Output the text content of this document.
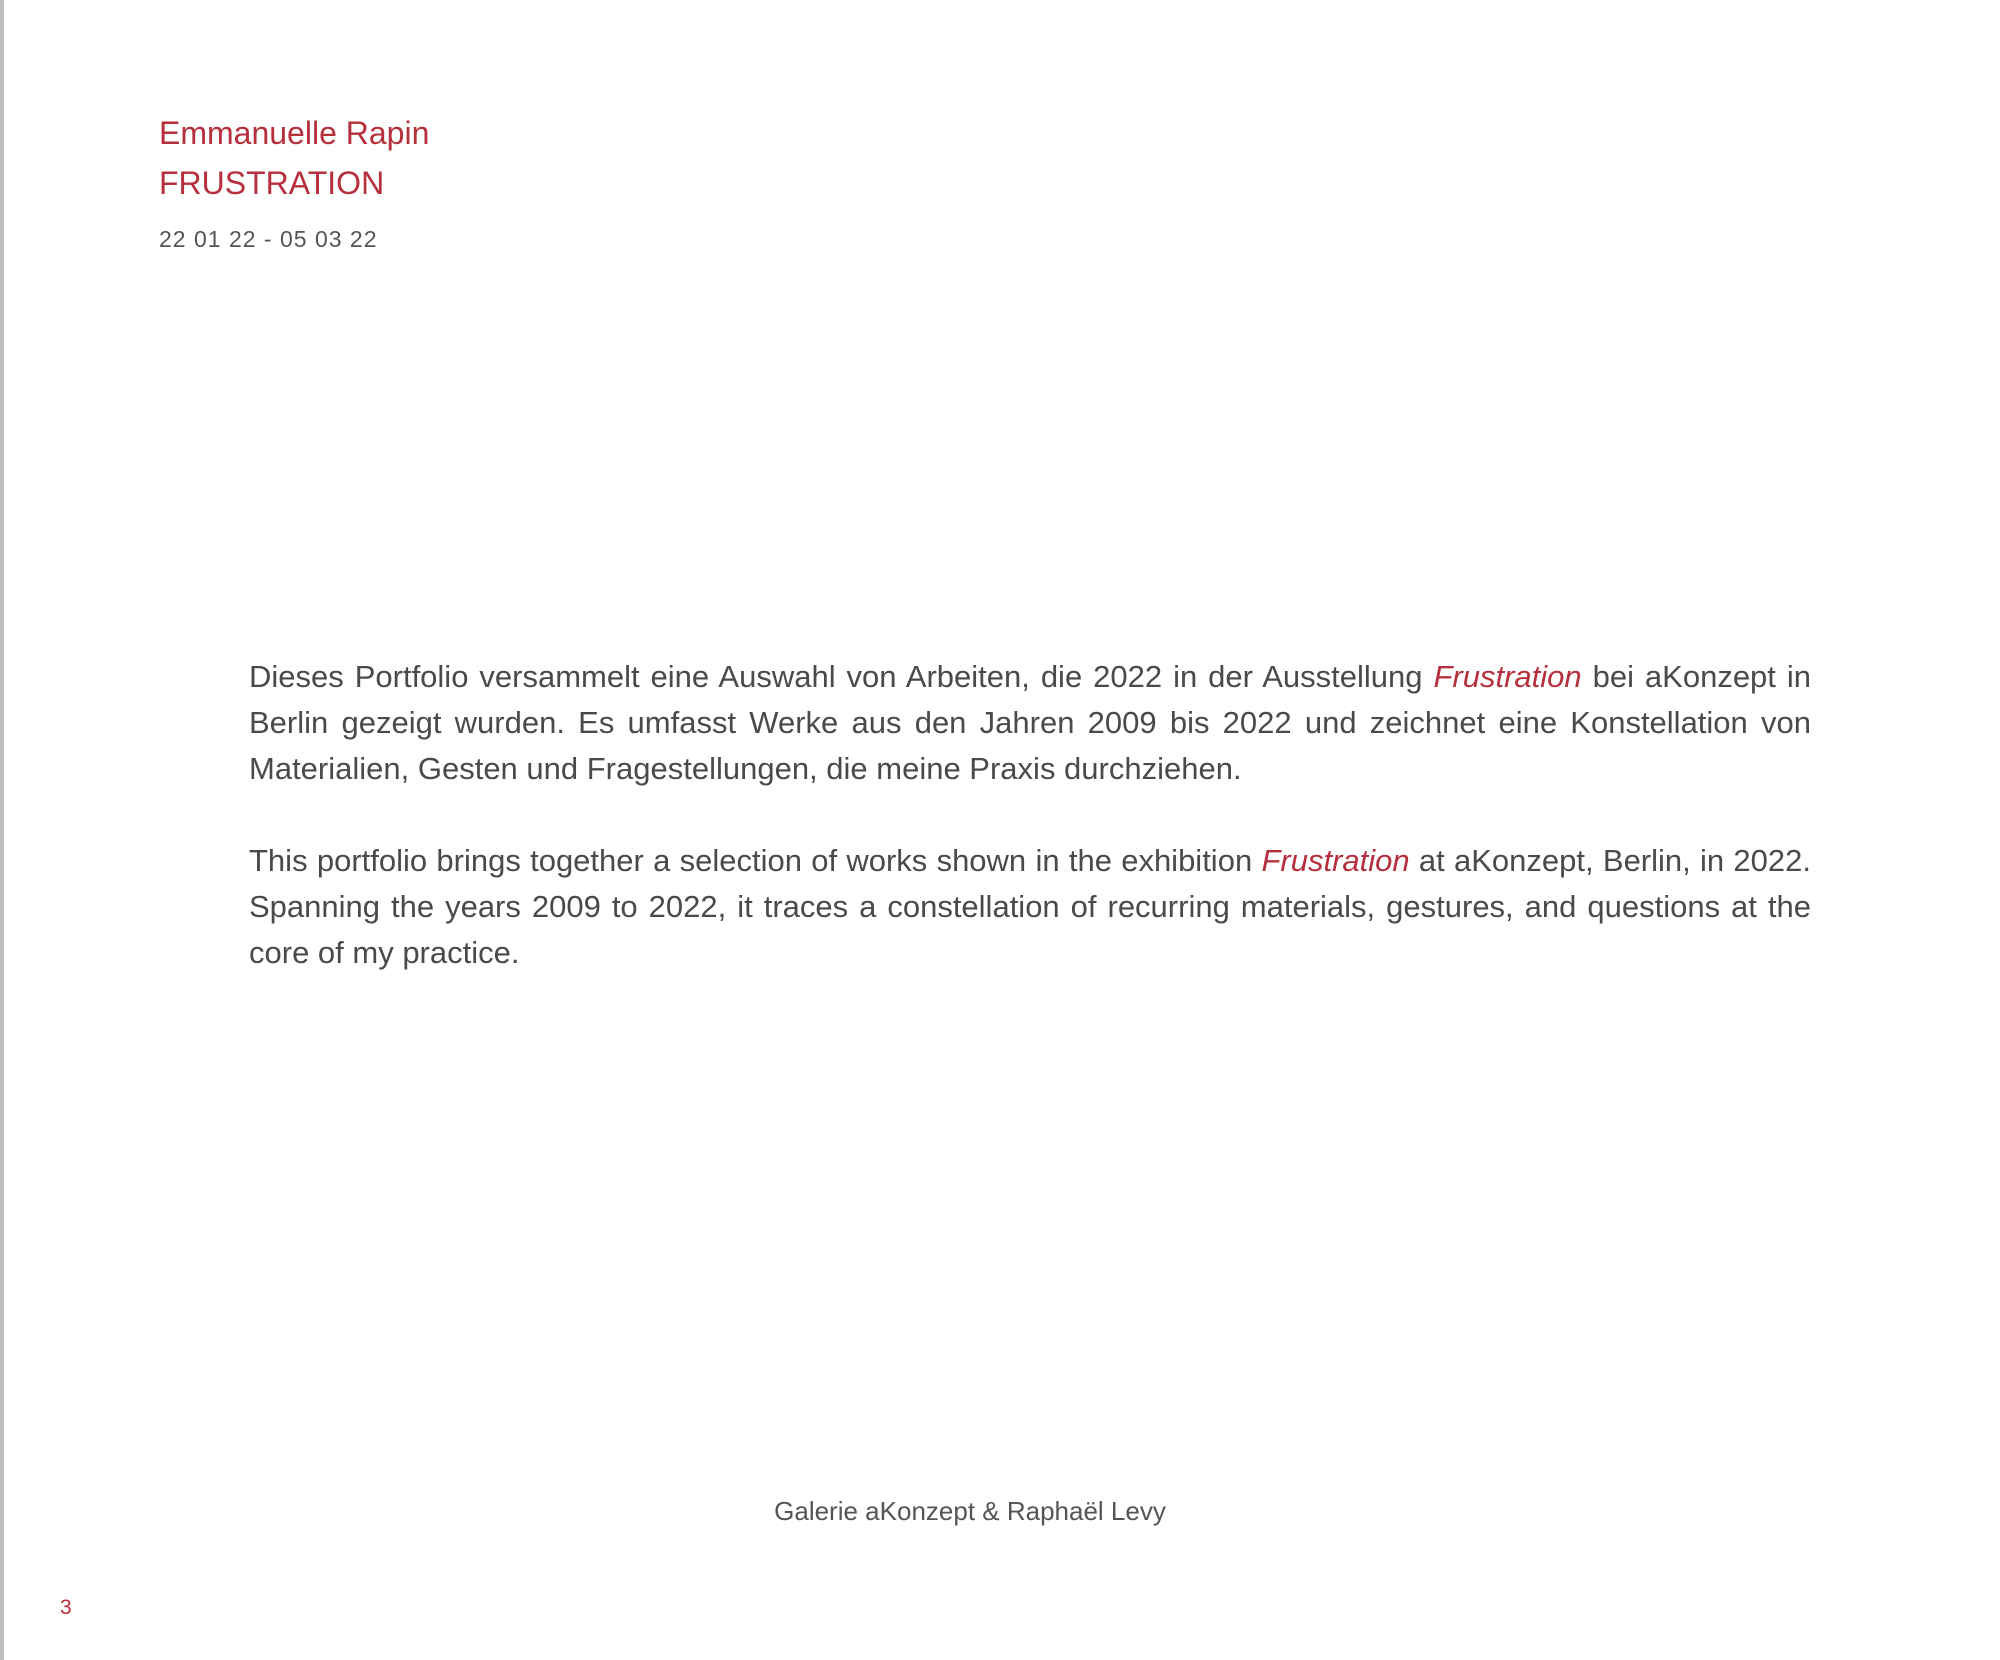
Emmanuelle Rapin
FRUSTRATION
22 01 22 - 05 03 22

Dieses Portfolio versammelt eine Auswahl von Arbeiten, die 2022 in der Ausstellung Frustration bei aKonzept in Berlin gezeigt wurden. Es umfasst Werke aus den Jahren 2009 bis 2022 und zeichnet eine Konstellation von Materialien, Gesten und Fragestellungen, die meine Praxis durchziehen.

This portfolio brings together a selection of works shown in the exhibition Frustration at aKonzept, Berlin, in 2022. Spanning the years 2009 to 2022, it traces a constellation of recurring materials, gestures, and questions at the core of my practice.

Galerie aKonzept & Raphaël Levy
3
